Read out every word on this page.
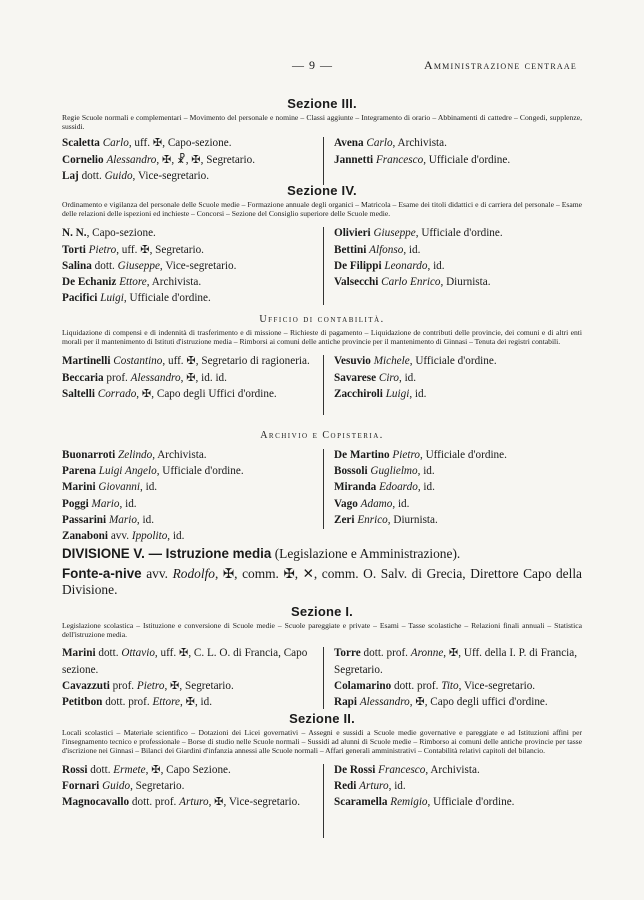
— 9 —	Amministrazione centraae
Sezione III.

Regie Scuole normali e complementari – Movimento del personale e nomine – Classi aggiunte – Integramento di orario – Abbinamenti di cattedre – Congedi, supplenze, sussidi.

Scaletta Carlo, uff. ✠, Capo-sezione.
Cornelio Alessandro, ✠, ☧, ✠, Segretario.
Laj dott. Guido, Vice-segretario.
Avena Carlo, Archivista.
Jannetti Francesco, Ufficiale d'ordine.
Sezione IV.

Ordinamento e vigilanza del personale delle Scuole medie – Formazione annuale degli organici – Matricola – Esame dei titoli didattici e di carriera del personale – Esame delle relazioni delle ispezioni ed inchieste – Concorsi – Sezione del Consiglio superiore delle Scuole medie.

N. N., Capo-sezione.
Torti Pietro, uff. ✠, Segretario.
Salina dott. Giuseppe, Vice-segretario.
De Echaniz Ettore, Archivista.
Pacifici Luigi, Ufficiale d'ordine.
Olivieri Giuseppe, Ufficiale d'ordine.
Bettini Alfonso, id.
De Filippi Leonardo, id.
Valsecchi Carlo Enrico, Diurnista.
Ufficio di contabilità.

Liquidazione di compensi e di indennità di trasferimento e di missione – Richieste di pagamento – Liquidazione de contributi delle provincie, dei comuni e di altri enti morali per il mantenimento di Istituti d'istruzione media – Rimborsi ai comuni delle antiche provincie per il mantenimento di Ginnasi – Tenuta dei registri contabili.

Martinelli Costantino, uff. ✠, Segretario di ragioneria.
Beccaria prof. Alessandro, ✠, id. id.
Saltelli Corrado, ✠, Capo degli Uffici d'ordine.
Vesuvio Michele, Ufficiale d'ordine.
Savarese Ciro, id.
Zacchiroli Luigi, id.
Archivio e Copisteria.
Buonarroti Zelindo, Archivista.
Parena Luigi Angelo, Ufficiale d'ordine.
Marini Giovanni, id.
Poggi Mario, id.
Passarini Mario, id.
Zanaboni avv. Ippolito, id.
De Martino Pietro, Ufficiale d'ordine.
Bossoli Guglielmo, id.
Miranda Edoardo, id.
Vago Adamo, id.
Zeri Enrico, Diurnista.
DIVISIONE V. — Istruzione media (Legislazione e Amministrazione).
Fonte-a-nive avv. Rodolfo, ✠, comm. ✠, ✕, comm. O. Salv. di Grecia, Direttore Capo della Divisione.
Sezione I.

Legislazione scolastica – Istituzione e conversione di Scuole medie – Scuole pareggiate e private – Esami – Tasse scolastiche – Relazioni finali annuali – Statistica dell'istruzione media.

Marini dott. Ottavio, uff. ✠, C. L. O. di Francia, Capo sezione.
Cavazzuti prof. Pietro, ✠, Segretario.
Petitbon dott. prof. Ettore, ✠, id.
Torre dott. prof. Aronne, ✠, Uff. della I. P. di Francia, Segretario.
Colamarino dott. prof. Tito, Vice-segretario.
Rapi Alessandro, ✠, Capo degli uffici d'ordine.
Sezione II.

Locali scolastici – Materiale scientifico – Dotazioni dei Licei governativi – Assegni e sussidi a Scuole medie governative e pareggiate e ad Istituzioni affini per l'insegnamento tecnico e professionale – Borse di studio nelle Scuole normali – Sussidi ad alunni di Scuole medie – Rimborso ai comuni delle antiche provincie per tasse d'iscrizione nei Ginnasi – Bilanci dei Giardini d'infanzia annessi alle Scuole normali – Affari generali amministrativi – Contabilità relativi capitoli del bilancio.

Rossi dott. Ermete, ✠, Capo Sezione.
Fornari Guido, Segretario.
Magnocavallo dott. prof. Arturo, ✠, Vice-segretario.
De Rossi Francesco, Archivista.
Redi Arturo, id.
Scaramella Remigio, Ufficiale d'ordine.
